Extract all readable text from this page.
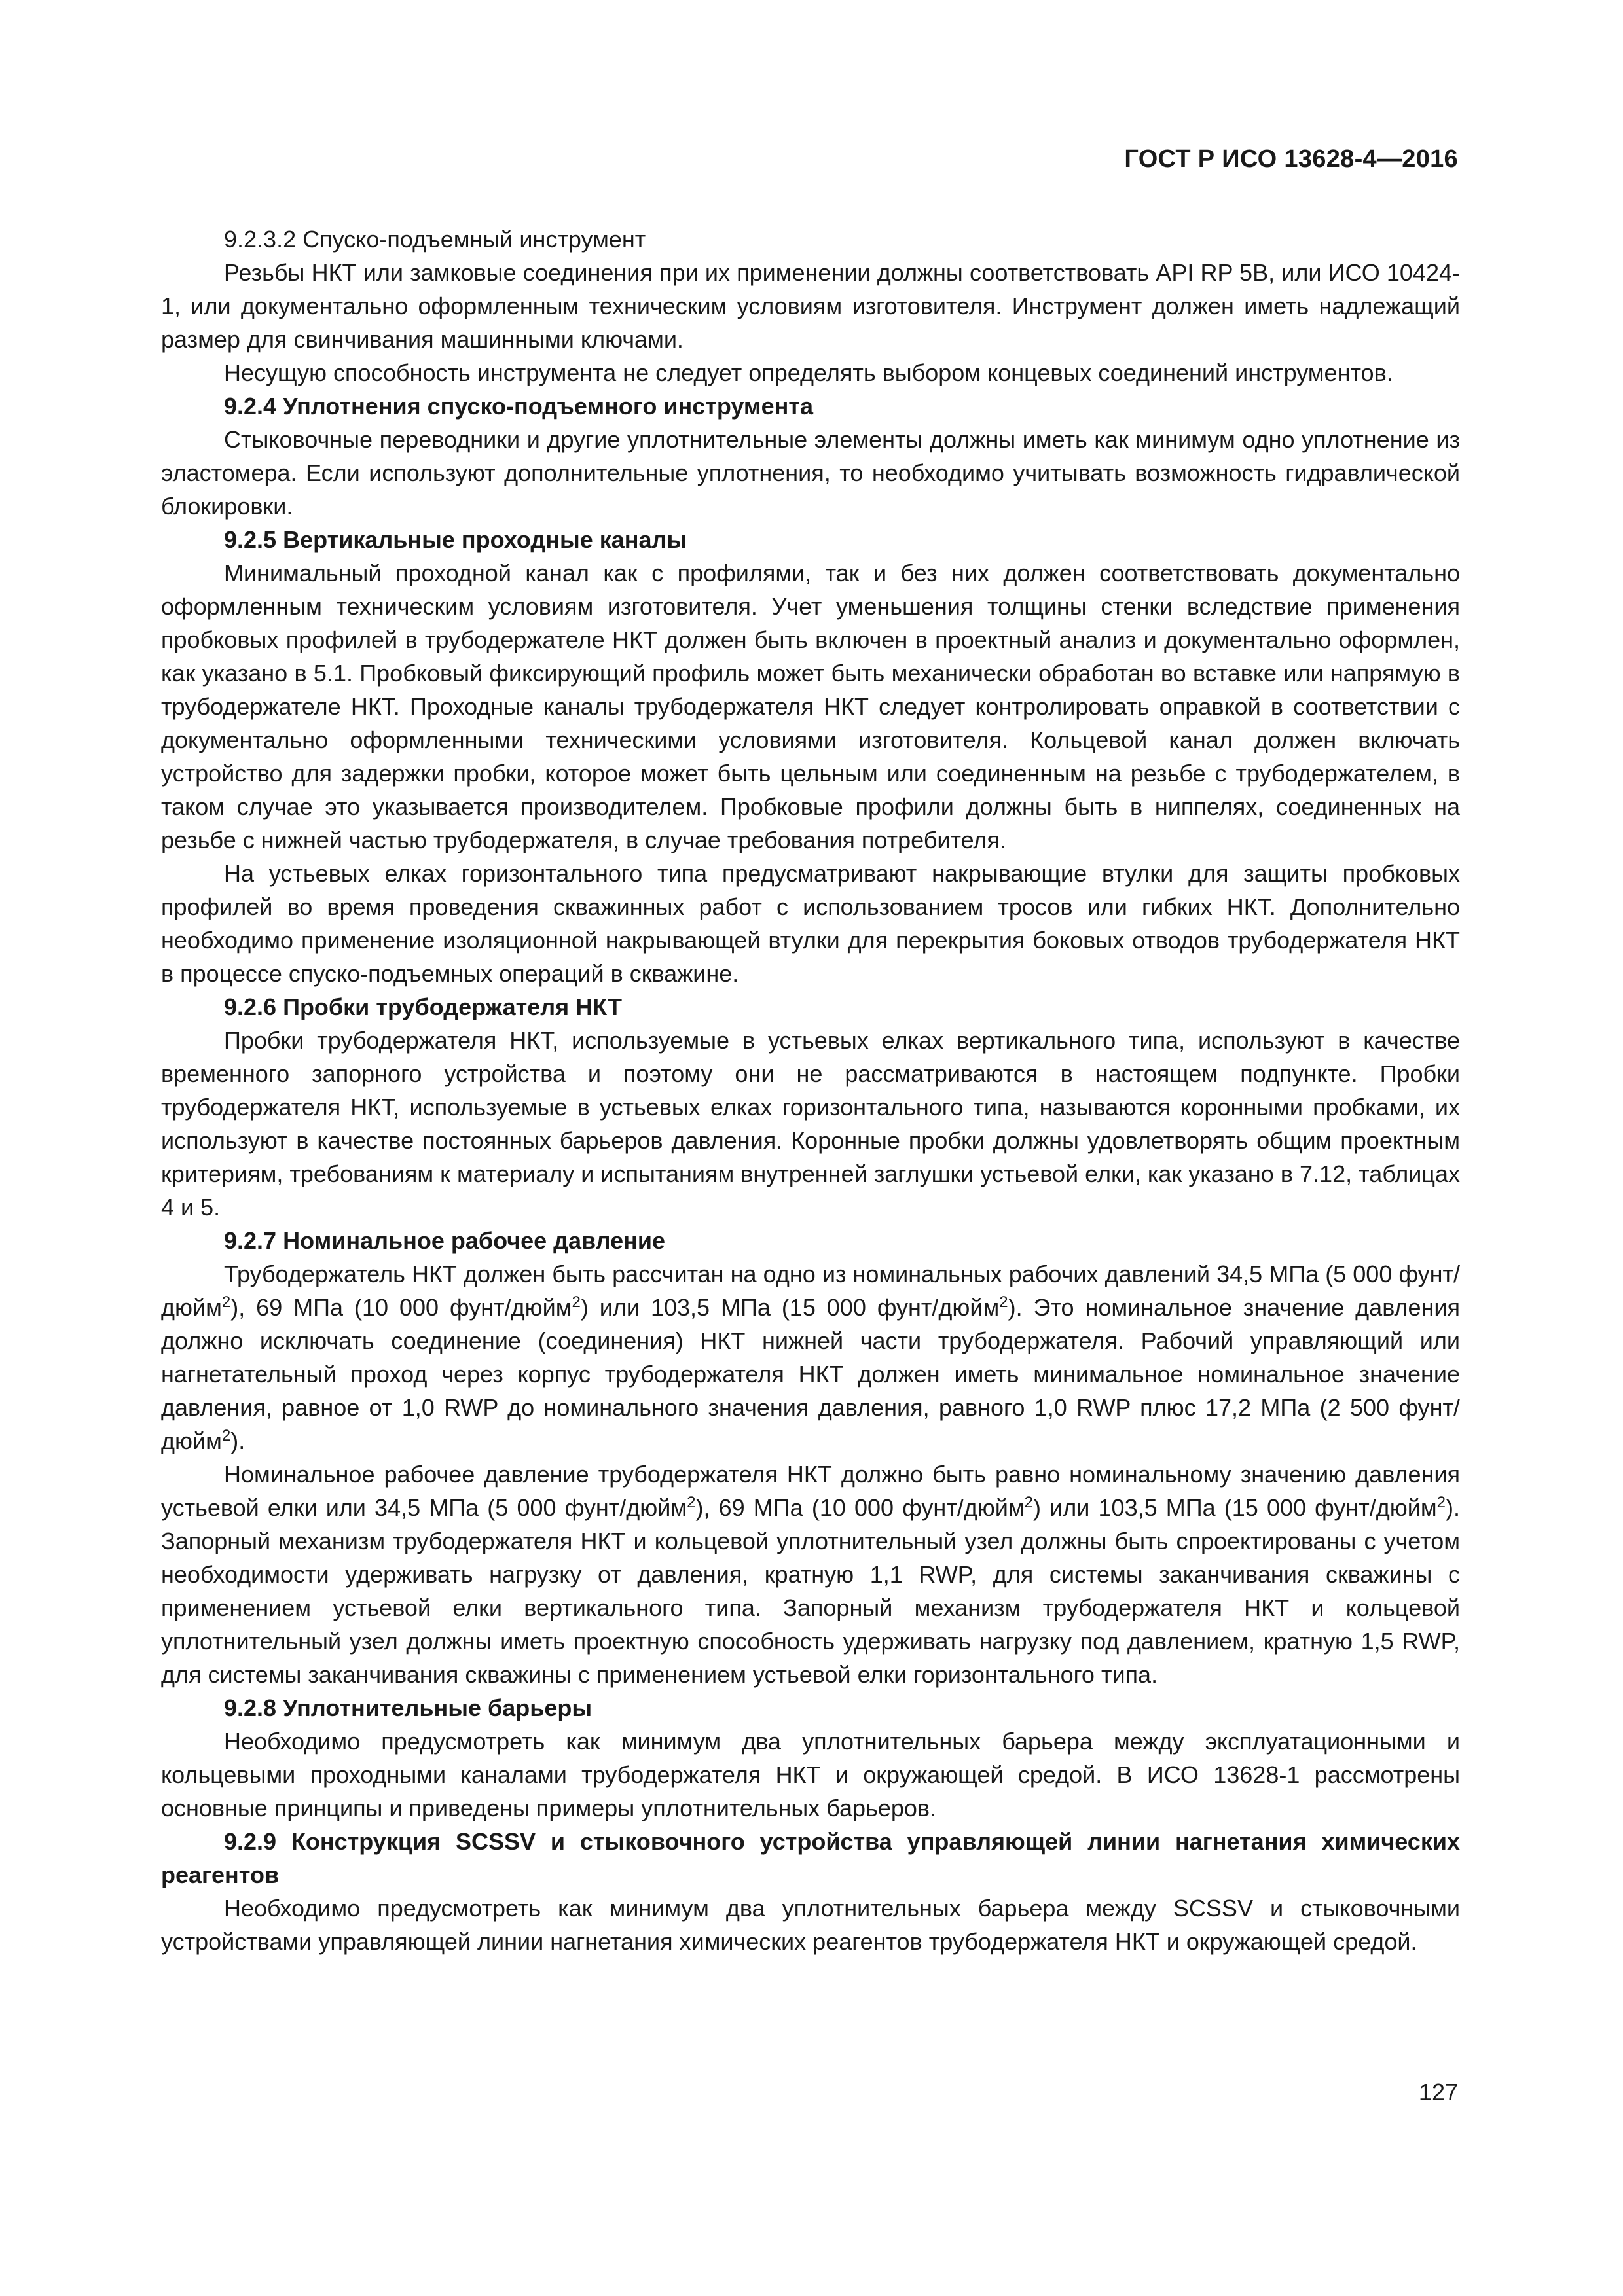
ГОСТ Р ИСО 13628-4—2016

9.2.3.2 Спуско-подъемный инструмент

Резьбы НКТ или замковые соединения при их применении должны соответствовать API RP 5B, или ИСО 10424-1, или документально оформленным техническим условиям изготовителя. Инструмент должен иметь надлежащий размер для свинчивания машинными ключами.

Несущую способность инструмента не следует определять выбором концевых соединений инструментов.

9.2.4 Уплотнения спуско-подъемного инструмента

Стыковочные переводники и другие уплотнительные элементы должны иметь как минимум одно уплотнение из эластомера. Если используют дополнительные уплотнения, то необходимо учитывать возможность гидравлической блокировки.

9.2.5 Вертикальные проходные каналы

Минимальный проходной канал как с профилями, так и без них должен соответствовать документально оформленным техническим условиям изготовителя. Учет уменьшения толщины стенки вследствие применения пробковых профилей в трубодержателе НКТ должен быть включен в проектный анализ и документально оформлен, как указано в 5.1. Пробковый фиксирующий профиль может быть механически обработан во вставке или напрямую в трубодержателе НКТ. Проходные каналы трубодержателя НКТ следует контролировать оправкой в соответствии с документально оформленными техническими условиями изготовителя. Кольцевой канал должен включать устройство для задержки пробки, которое может быть цельным или соединенным на резьбе с трубодержателем, в таком случае это указывается производителем. Пробковые профили должны быть в ниппелях, соединенных на резьбе с нижней частью трубодержателя, в случае требования потребителя.

На устьевых елках горизонтального типа предусматривают накрывающие втулки для защиты пробковых профилей во время проведения скважинных работ с использованием тросов или гибких НКТ. Дополнительно необходимо применение изоляционной накрывающей втулки для перекрытия боковых отводов трубодержателя НКТ в процессе спуско-подъемных операций в скважине.

9.2.6 Пробки трубодержателя НКТ

Пробки трубодержателя НКТ, используемые в устьевых елках вертикального типа, используют в качестве временного запорного устройства и поэтому они не рассматриваются в настоящем подпункте. Пробки трубодержателя НКТ, используемые в устьевых елках горизонтального типа, называются коронными пробками, их используют в качестве постоянных барьеров давления. Коронные пробки должны удовлетворять общим проектным критериям, требованиям к материалу и испытаниям внутренней заглушки устьевой елки, как указано в 7.12, таблицах 4 и 5.

9.2.7 Номинальное рабочее давление

Трубодержатель НКТ должен быть рассчитан на одно из номинальных рабочих давлений 34,5 МПа (5 000 фунт/дюйм$^2$), 69 МПа (10 000 фунт/дюйм$^2$) или 103,5 МПа (15 000 фунт/дюйм$^2$). Это номинальное значение давления должно исключать соединение (соединения) НКТ нижней части трубодержателя. Рабочий управляющий или нагнетательный проход через корпус трубодержателя НКТ должен иметь минимальное номинальное значение давления, равное от 1,0 RWP до номинального значения давления, равного 1,0 RWP плюс 17,2 МПа (2 500 фунт/дюйм$^2$).

Номинальное рабочее давление трубодержателя НКТ должно быть равно номинальному значению давления устьевой елки или 34,5 МПа (5 000 фунт/дюйм$^2$), 69 МПа (10 000 фунт/дюйм$^2$) или 103,5 МПа (15 000 фунт/дюйм$^2$). Запорный механизм трубодержателя НКТ и кольцевой уплотнительный узел должны быть спроектированы с учетом необходимости удерживать нагрузку от давления, кратную 1,1 RWP, для системы заканчивания скважины с применением устьевой елки вертикального типа. Запорный механизм трубодержателя НКТ и кольцевой уплотнительный узел должны иметь проектную способность удерживать нагрузку под давлением, кратную 1,5 RWP, для системы заканчивания скважины с применением устьевой елки горизонтального типа.

9.2.8 Уплотнительные барьеры

Необходимо предусмотреть как минимум два уплотнительных барьера между эксплуатационными и кольцевыми проходными каналами трубодержателя НКТ и окружающей средой. В ИСО 13628-1 рассмотрены основные принципы и приведены примеры уплотнительных барьеров.

9.2.9 Конструкция SCSSV и стыковочного устройства управляющей линии нагнетания химических реагентов

Необходимо предусмотреть как минимум два уплотнительных барьера между SCSSV и стыковочными устройствами управляющей линии нагнетания химических реагентов трубодержателя НКТ и окружающей средой.

127
